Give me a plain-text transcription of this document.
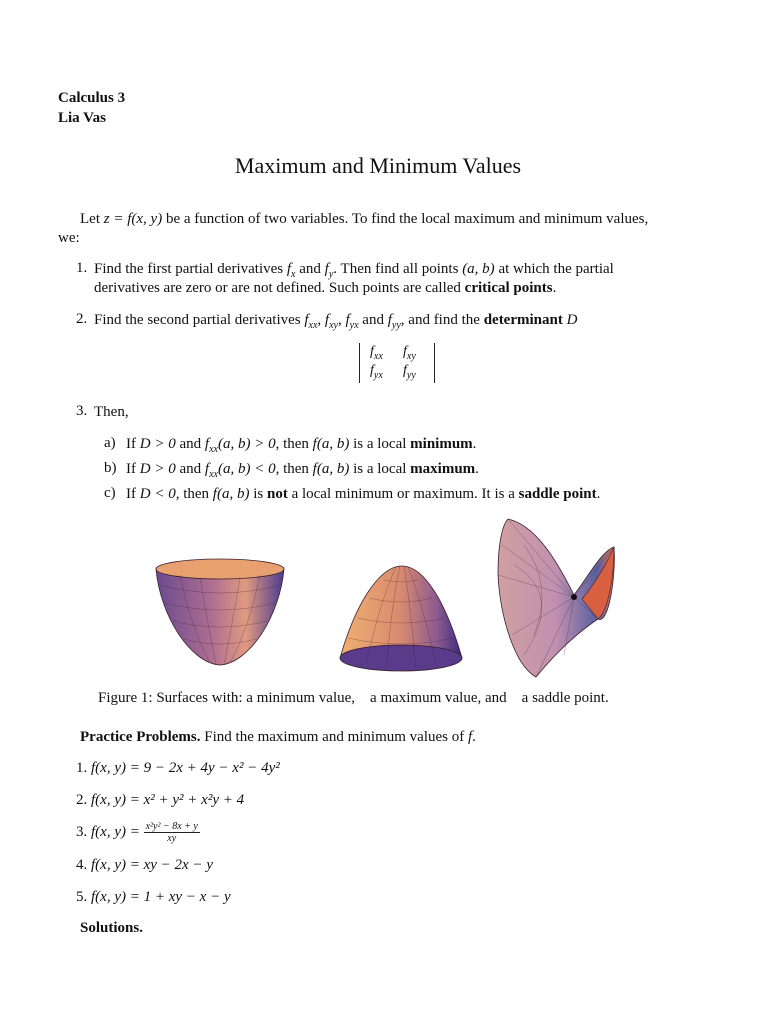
Calculus 3
Lia Vas
Maximum and Minimum Values
Let z = f(x, y) be a function of two variables. To find the local maximum and minimum values,
we:
1. Find the first partial derivatives $f_x$ and $f_y$. Then find all points (a, b) at which the partial
derivatives are zero or are not defined. Such points are called critical points.
2. Find the second partial derivatives $f_{xx}$, $f_{xy}$, $f_{yx}$ and $f_{yy}$, and find the determinant D
$f_{xx}$ $f_{xy}$
$f_{yx}$ $f_{yy}$
3. Then,
a) If D > 0 and $f_{xx}(a$, b) > 0, then f(a, b) is a local minimum.
b) If D > 0 and $f_{xx}(a$, b) < 0, then f(a, b) is a local maximum.
c) If D < 0, then f(a, b) is not a local minimum or maximum. It is a saddle point.
Figure 1: Surfaces with: a minimum value,    a maximum value, and    a saddle point.
Practice Problems. Find the maximum and minimum values of f.
1. f(x, y) = 9 − 2x + 4y − x² − 4y²
2. f(x, y) = x² + y² + x²y + 4
3. f(x, $y) = \frac{\text{x²y² − 8x + y}}{xy}$
4. f(x, y) = xy − 2x − y
5. f(x, y) = 1 + xy − x − y
Solutions.
